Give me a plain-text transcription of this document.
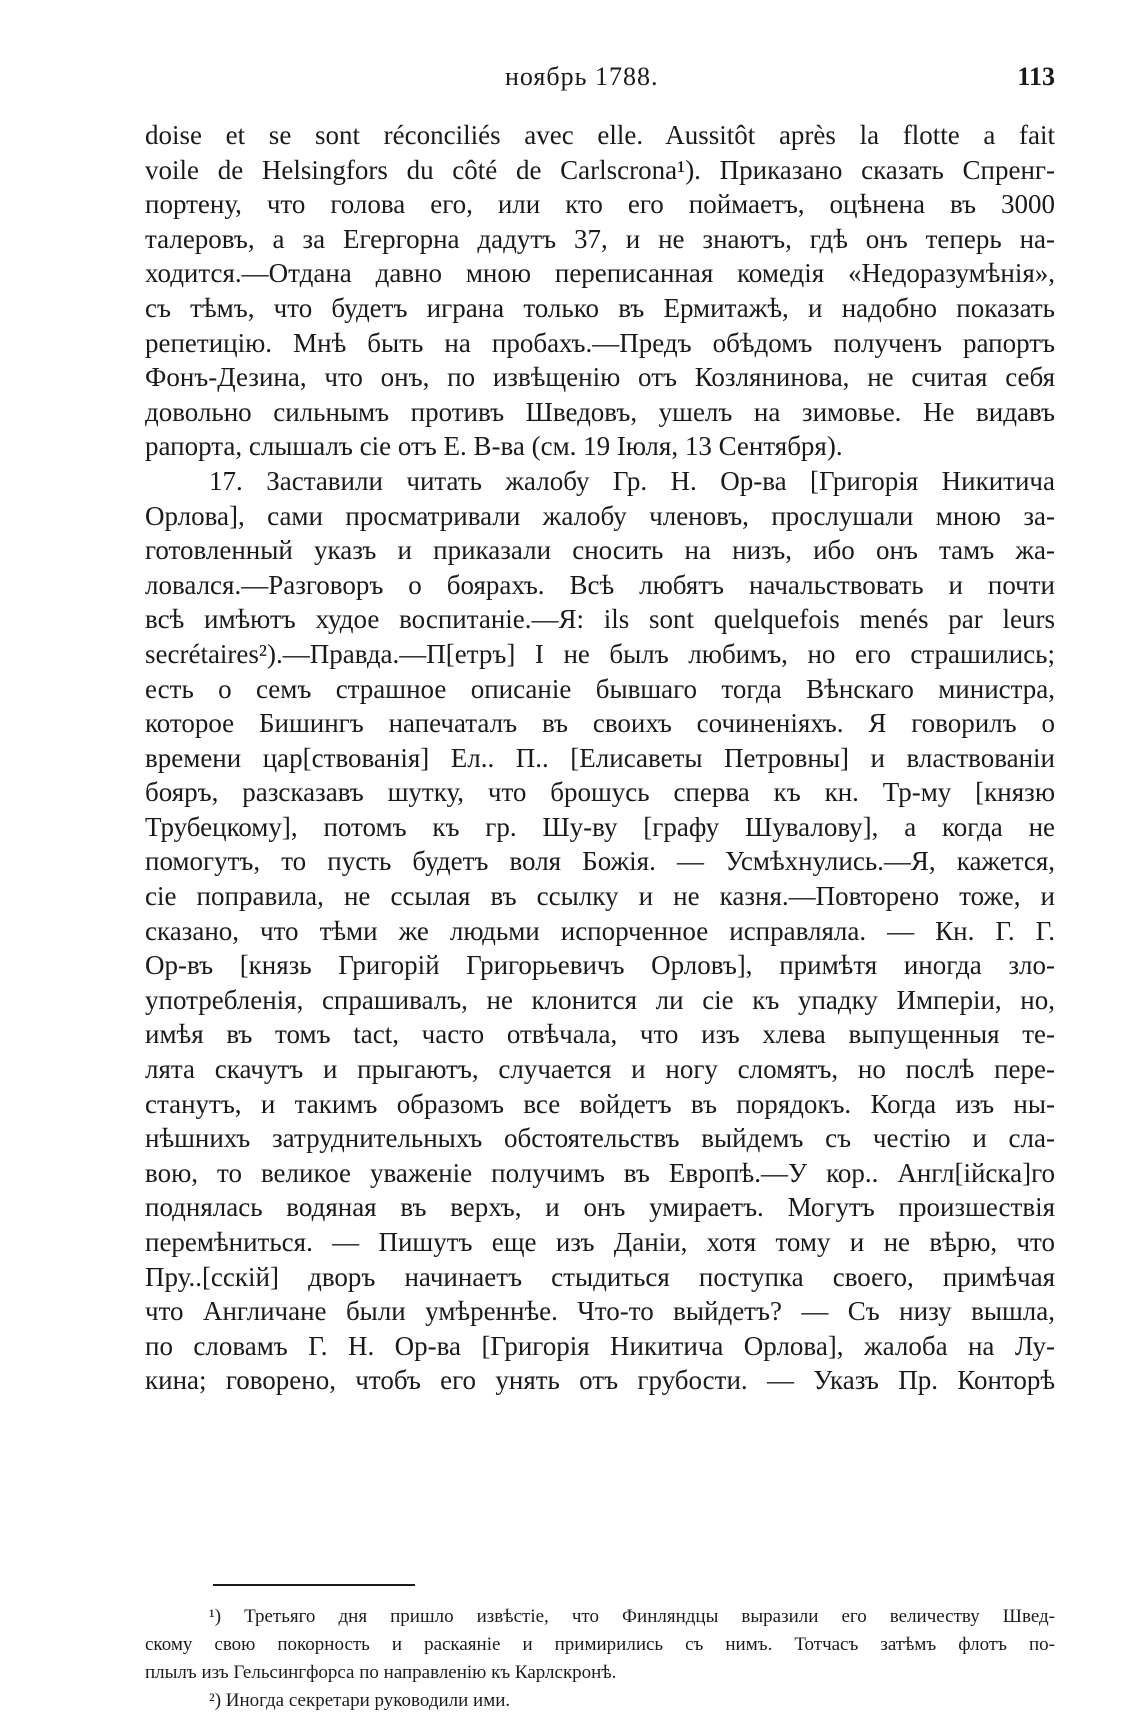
ноябрь 1788.	113
doise et se sont réconciliés avec elle. Aussitôt après la flotte a fait
voile de Helsingfors du côté de Carlscrona¹). Приказано сказать Спренг-
портену, что голова его, или кто его поймаетъ, оцѣнена въ 3000
талеровъ, а за Егергорна дадутъ 37, и не знаютъ, гдѣ онъ теперь на-
ходится.—Отдана давно мною переписанная комедія «Недоразумѣнія»,
съ тѣмъ, что будетъ играна только въ Ермитажѣ, и надобно показать
репетицію. Мнѣ быть на пробахъ.—Предъ обѣдомъ полученъ рапортъ
Фонъ-Дезина, что онъ, по извѣщенію отъ Козлянинова, не считая себя
довольно сильнымъ противъ Шведовъ, ушелъ на зимовье. Не видавъ
рапорта, слышалъ сіе отъ Е. В-ва (см. 19 Іюля, 13 Сентября).
17. Заставили читать жалобу Гр. Н. Ор-ва [Григорія Никитича
Орлова], сами просматривали жалобу членовъ, прослушали мною за-
готовленный указъ и приказали сносить на низъ, ибо онъ тамъ жа-
ловался.—Разговоръ о боярахъ. Всѣ любятъ начальствовать и почти
всѣ имѣютъ худое воспитаніе.—Я: ils sont quelquefois menés par leurs
secrétaires²).—Правда.—П[етръ] I не былъ любимъ, но его страшились;
есть о семъ страшное описаніе бывшаго тогда Вѣнскаго министра,
которое Бишингъ напечаталъ въ своихъ сочиненіяхъ. Я говорилъ о
времени цар[ствованія] Ел.. П.. [Елисаветы Петровны] и властвованіи
бояръ, разсказавъ шутку, что брошусь сперва къ кн. Тр-му [князю
Трубецкому], потомъ къ гр. Шу-ву [графу Шувалову], а когда не
помогутъ, то пусть будетъ воля Божія. — Усмѣхнулись.—Я, кажется,
сіе поправила, не ссылая въ ссылку и не казня.—Повторено тоже, и
сказано, что тѣми же людьми испорченное исправляла. — Кн. Г. Г.
Ор-въ [князь Григорій Григорьевичъ Орловъ], примѣтя иногда зло-
употребленія, спрашивалъ, не клонится ли сіе къ упадку Имперіи, но,
имѣя въ томъ tact, часто отвѣчала, что изъ хлева выпущенныя те-
лята скачутъ и прыгаютъ, случается и ногу сломятъ, но послѣ пере-
станутъ, и такимъ образомъ все войдетъ въ порядокъ. Когда изъ ны-
нѣшнихъ затруднительныхъ обстоятельствъ выйдемъ съ честію и сла-
вою, то великое уваженіе получимъ въ Европѣ.—У кор.. Англ[ійска]го
поднялась водяная въ верхъ, и онъ умираетъ. Могутъ произшествія
перемѣниться. — Пишутъ еще изъ Даніи, хотя тому и не вѣрю, что
Пру..[сскій] дворъ начинаетъ стыдиться поступка своего, примѣчая
что Англичане были умѣреннѣе. Что-то выйдетъ? — Съ низу вышла,
по словамъ Г. Н. Ор-ва [Григорія Никитича Орлова], жалоба на Лу-
кина; говорено, чтобъ его унять отъ грубости. — Указъ Пр. Конторѣ
¹) Третьяго дня пришло извѣстіе, что Финляндцы выразили его величеству Швед-
скому свою покорность и раскаяніе и примирились съ нимъ. Тотчасъ затѣмъ флотъ по-
плылъ изъ Гельсингфорса по направленію къ Карлскронѣ.
²) Иногда секретари руководили ими.
